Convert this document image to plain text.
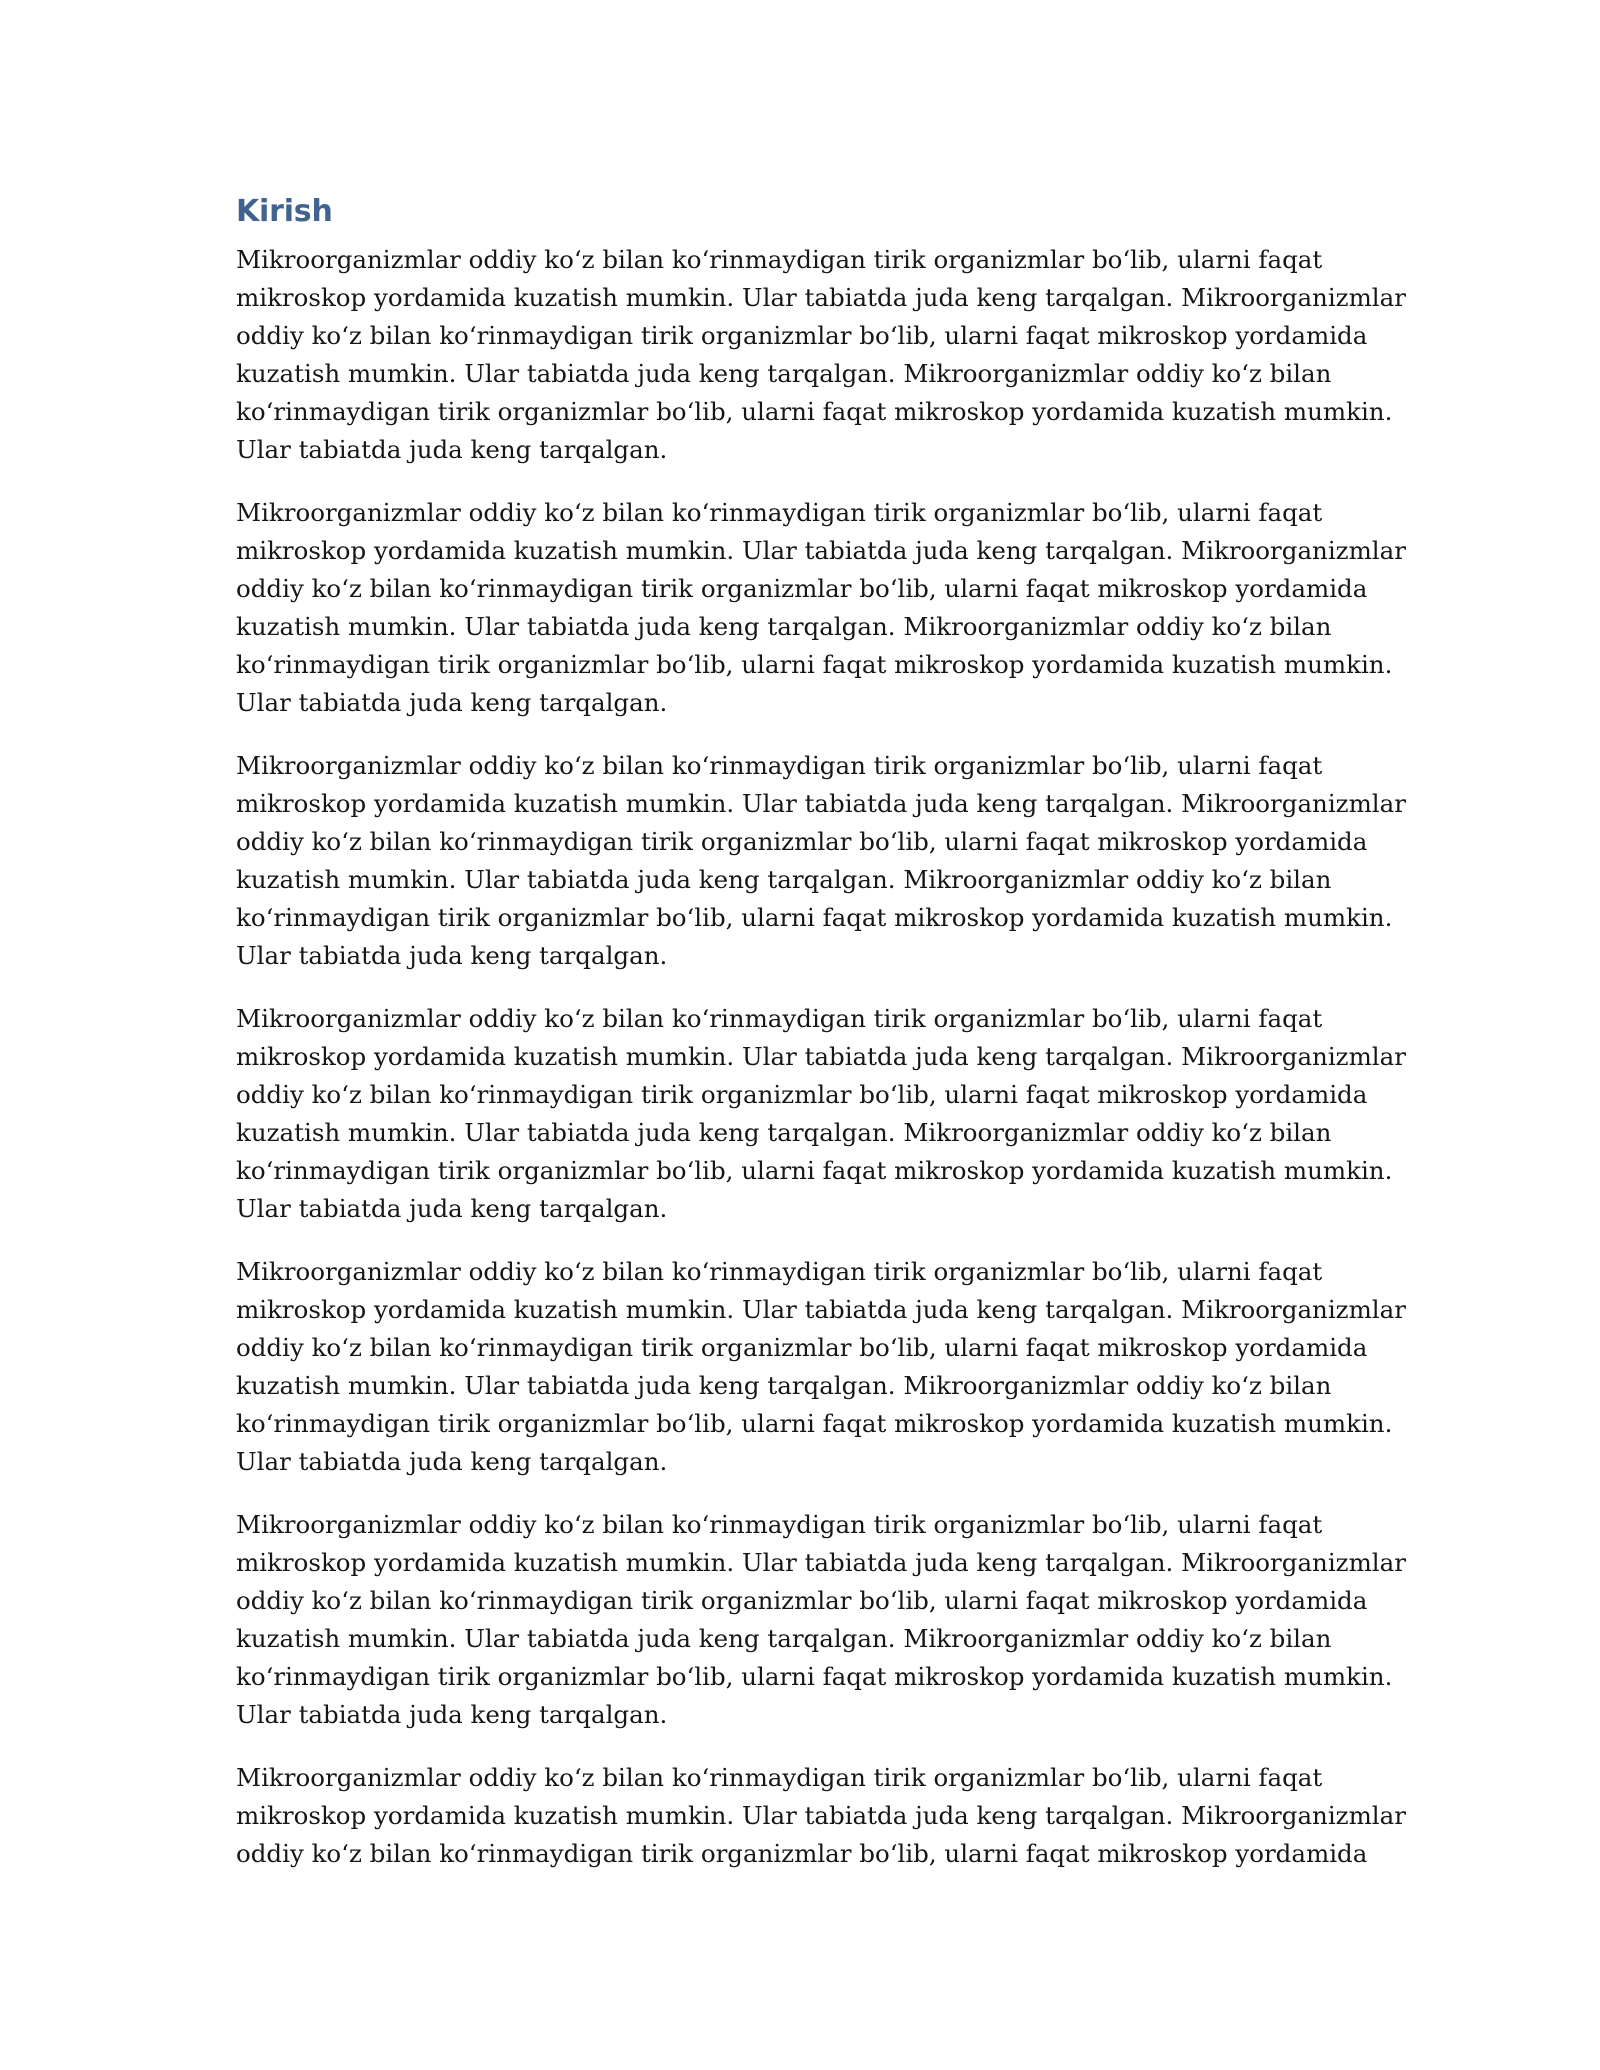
Kirish

Mikroorganizmlar oddiy koʻz bilan koʻrinmaydigan tirik organizmlar boʻlib, ularni faqat
mikroskop yordamida kuzatish mumkin. Ular tabiatda juda keng tarqalgan. Mikroorganizmlar
oddiy koʻz bilan koʻrinmaydigan tirik organizmlar boʻlib, ularni faqat mikroskop yordamida
kuzatish mumkin. Ular tabiatda juda keng tarqalgan. Mikroorganizmlar oddiy koʻz bilan
koʻrinmaydigan tirik organizmlar boʻlib, ularni faqat mikroskop yordamida kuzatish mumkin.
Ular tabiatda juda keng tarqalgan.

Mikroorganizmlar oddiy koʻz bilan koʻrinmaydigan tirik organizmlar boʻlib, ularni faqat
mikroskop yordamida kuzatish mumkin. Ular tabiatda juda keng tarqalgan. Mikroorganizmlar
oddiy koʻz bilan koʻrinmaydigan tirik organizmlar boʻlib, ularni faqat mikroskop yordamida
kuzatish mumkin. Ular tabiatda juda keng tarqalgan. Mikroorganizmlar oddiy koʻz bilan
koʻrinmaydigan tirik organizmlar boʻlib, ularni faqat mikroskop yordamida kuzatish mumkin.
Ular tabiatda juda keng tarqalgan.

Mikroorganizmlar oddiy koʻz bilan koʻrinmaydigan tirik organizmlar boʻlib, ularni faqat
mikroskop yordamida kuzatish mumkin. Ular tabiatda juda keng tarqalgan. Mikroorganizmlar
oddiy koʻz bilan koʻrinmaydigan tirik organizmlar boʻlib, ularni faqat mikroskop yordamida
kuzatish mumkin. Ular tabiatda juda keng tarqalgan. Mikroorganizmlar oddiy koʻz bilan
koʻrinmaydigan tirik organizmlar boʻlib, ularni faqat mikroskop yordamida kuzatish mumkin.
Ular tabiatda juda keng tarqalgan.

Mikroorganizmlar oddiy koʻz bilan koʻrinmaydigan tirik organizmlar boʻlib, ularni faqat
mikroskop yordamida kuzatish mumkin. Ular tabiatda juda keng tarqalgan. Mikroorganizmlar
oddiy koʻz bilan koʻrinmaydigan tirik organizmlar boʻlib, ularni faqat mikroskop yordamida
kuzatish mumkin. Ular tabiatda juda keng tarqalgan. Mikroorganizmlar oddiy koʻz bilan
koʻrinmaydigan tirik organizmlar boʻlib, ularni faqat mikroskop yordamida kuzatish mumkin.
Ular tabiatda juda keng tarqalgan.

Mikroorganizmlar oddiy koʻz bilan koʻrinmaydigan tirik organizmlar boʻlib, ularni faqat
mikroskop yordamida kuzatish mumkin. Ular tabiatda juda keng tarqalgan. Mikroorganizmlar
oddiy koʻz bilan koʻrinmaydigan tirik organizmlar boʻlib, ularni faqat mikroskop yordamida
kuzatish mumkin. Ular tabiatda juda keng tarqalgan. Mikroorganizmlar oddiy koʻz bilan
koʻrinmaydigan tirik organizmlar boʻlib, ularni faqat mikroskop yordamida kuzatish mumkin.
Ular tabiatda juda keng tarqalgan.

Mikroorganizmlar oddiy koʻz bilan koʻrinmaydigan tirik organizmlar boʻlib, ularni faqat
mikroskop yordamida kuzatish mumkin. Ular tabiatda juda keng tarqalgan. Mikroorganizmlar
oddiy koʻz bilan koʻrinmaydigan tirik organizmlar boʻlib, ularni faqat mikroskop yordamida
kuzatish mumkin. Ular tabiatda juda keng tarqalgan. Mikroorganizmlar oddiy koʻz bilan
koʻrinmaydigan tirik organizmlar boʻlib, ularni faqat mikroskop yordamida kuzatish mumkin.
Ular tabiatda juda keng tarqalgan.

Mikroorganizmlar oddiy koʻz bilan koʻrinmaydigan tirik organizmlar boʻlib, ularni faqat
mikroskop yordamida kuzatish mumkin. Ular tabiatda juda keng tarqalgan. Mikroorganizmlar
oddiy koʻz bilan koʻrinmaydigan tirik organizmlar boʻlib, ularni faqat mikroskop yordamida
